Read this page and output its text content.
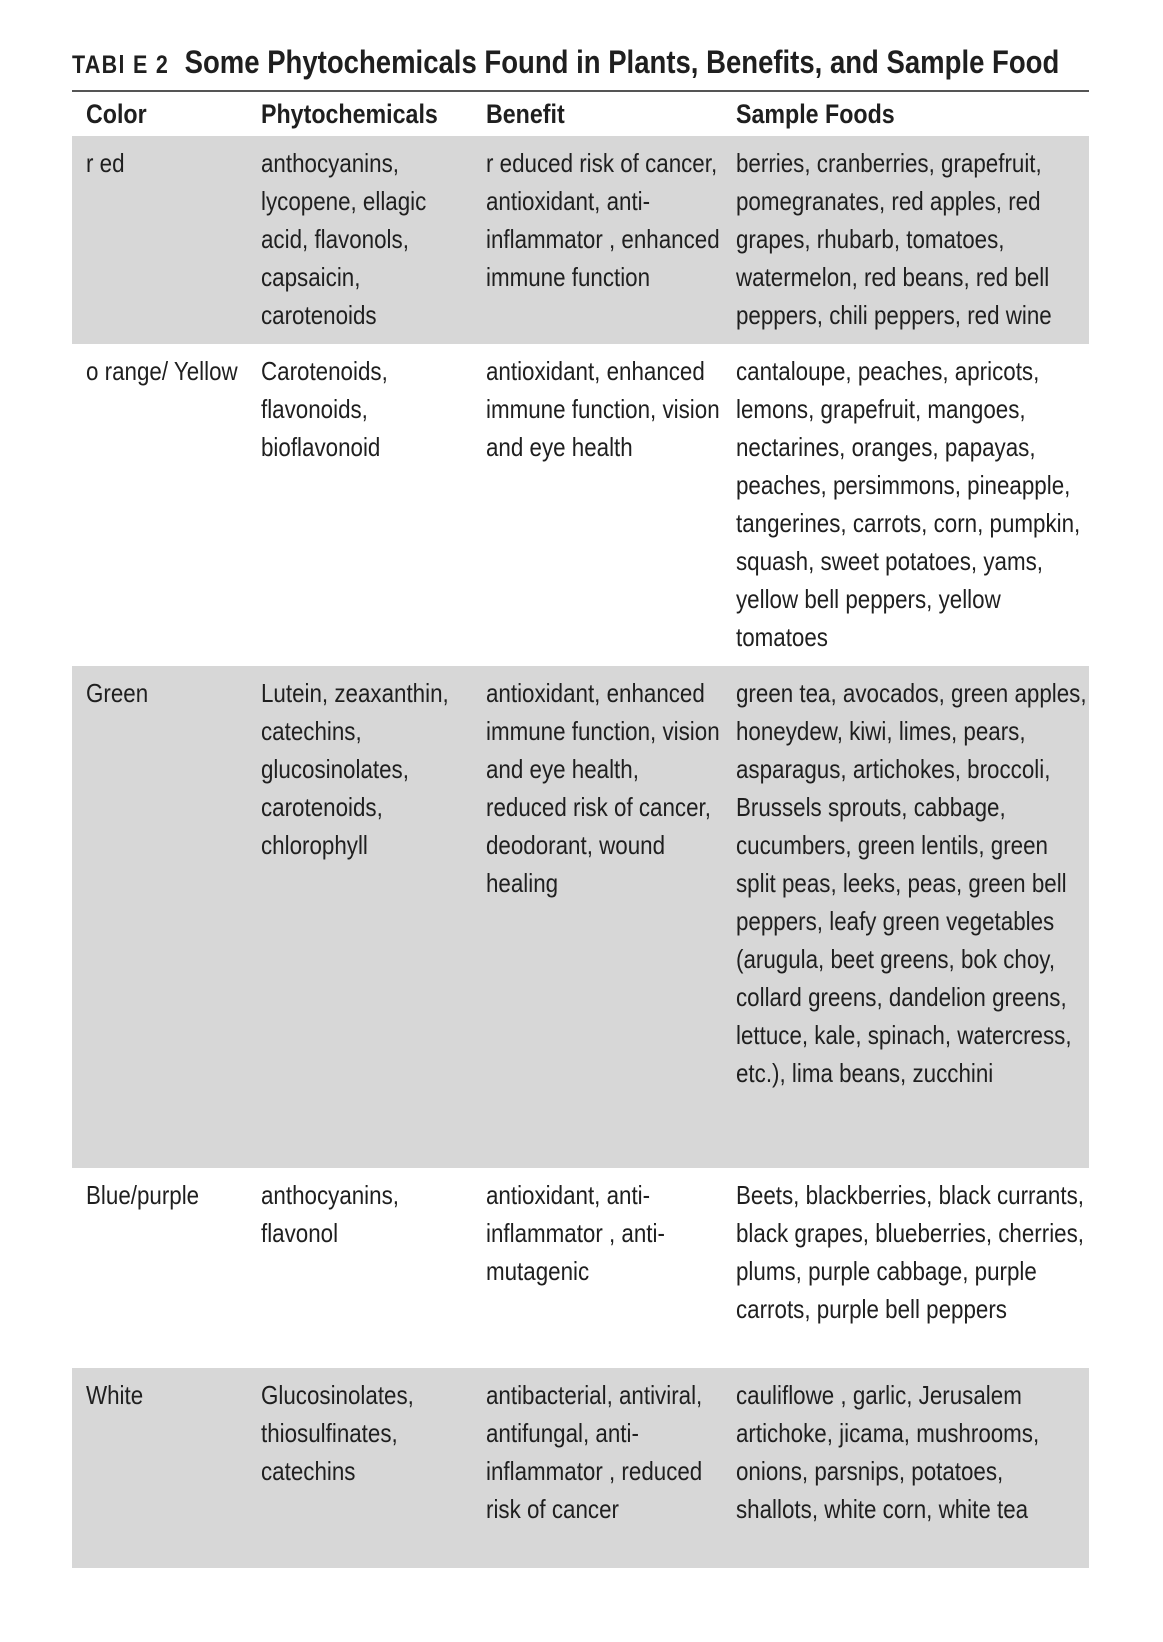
TABl E 2 Some Phytochemicals Found in Plants, Benefits, and Sample Food
Color	Phytochemicals	Benefit	Sample Foods
r ed	anthocyanins, lycopene, ellagic acid, flavonols, capsaicin, carotenoids	r educed risk of cancer, antioxidant, anti-inflammator , enhanced immune function	berries, cranberries, grapefruit, pomegranates, red apples, red grapes, rhubarb, tomatoes, watermelon, red beans, red bell peppers, chili peppers, red wine
o range/ Yellow	Carotenoids, flavonoids, bioflavonoid	antioxidant, enhanced immune function, vision and eye health	cantaloupe, peaches, apricots, lemons, grapefruit, mangoes, nectarines, oranges, papayas, peaches, persimmons, pineapple, tangerines, carrots, corn, pumpkin, squash, sweet potatoes, yams, yellow bell peppers, yellow tomatoes
Green	Lutein, zeaxanthin, catechins, glucosinolates, carotenoids, chlorophyll	antioxidant, enhanced immune function, vision and eye health, reduced risk of cancer, deodorant, wound healing	green tea, avocados, green apples, honeydew, kiwi, limes, pears, asparagus, artichokes, broccoli, Brussels sprouts, cabbage, cucumbers, green lentils, green split peas, leeks, peas, green bell peppers, leafy green vegetables (arugula, beet greens, bok choy, collard greens, dandelion greens, lettuce, kale, spinach, watercress, etc.), lima beans, zucchini
Blue/purple	anthocyanins, flavonol	antioxidant, anti-inflammator , anti-mutagenic	Beets, blackberries, black currants, black grapes, blueberries, cherries, plums, purple cabbage, purple carrots, purple bell peppers
White	Glucosinolates, thiosulfinates, catechins	antibacterial, antiviral, antifungal, anti-inflammator , reduced risk of cancer	cauliflowe , garlic, Jerusalem artichoke, jicama, mushrooms, onions, parsnips, potatoes, shallots, white corn, white tea
